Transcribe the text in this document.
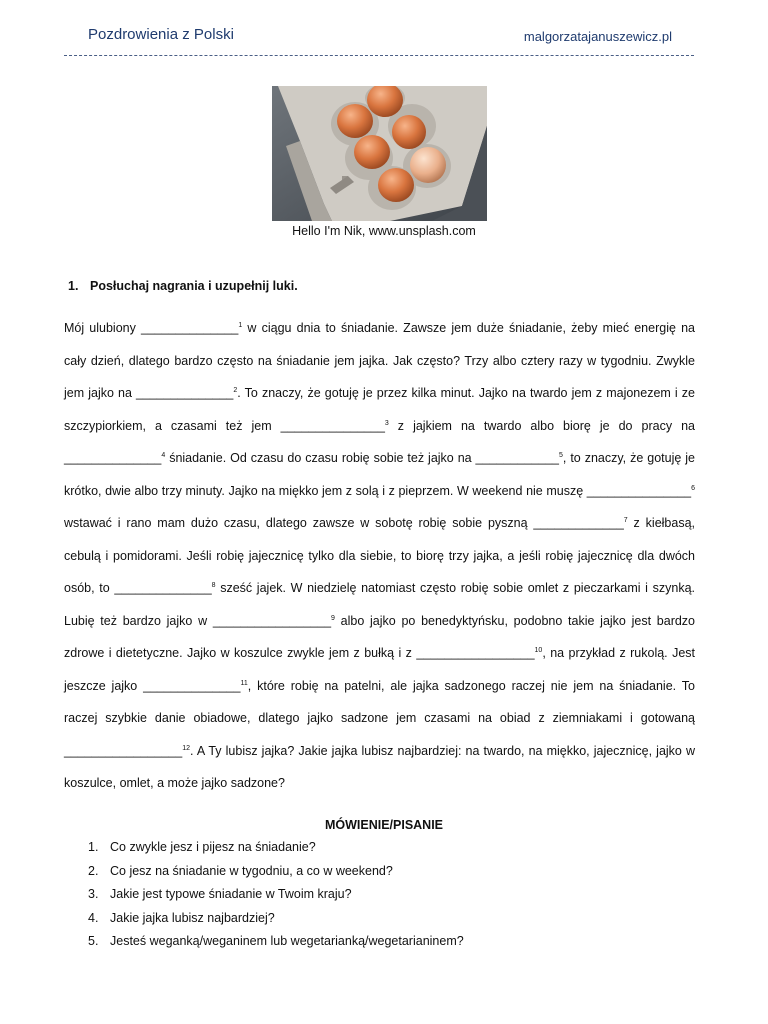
Pozdrowienia z Polski	malgorzatajanuszewicz.pl
Hello I'm Nik, www.unsplash.com
1. Posłuchaj nagrania i uzupełnij luki.
Mój ulubiony ______________$^1$ w ciągu dnia to śniadanie. Zawsze jem duże śniadanie, żeby mieć energię na cały dzień, dlatego bardzo często na śniadanie jem jajka. Jak często? Trzy albo cztery razy w tygodniu. Zwykle jem jajko na ______________$^2$. To znaczy, że gotuję je przez kilka minut. Jajko na twardo jem z majonezem i ze szczypiorkiem, a czasami też jem _______________$^3$ z jajkiem na twardo albo biorę je do pracy na ______________$^4$ śniadanie. Od czasu do czasu robię sobie też jajko na ____________$^5$, to znaczy, że gotuję je krótko, dwie albo trzy minuty. Jajko na miękko jem z solą i z pieprzem. W weekend nie muszę _______________$^6$ wstawać i rano mam dużo czasu, dlatego zawsze w sobotę robię sobie pyszną _____________$^7$ z kiełbasą, cebulą i pomidorami. Jeśli robię jajecznicę tylko dla siebie, to biorę trzy jajka, a jeśli robię jajecznicę dla dwóch osób, to ______________$^8$ sześć jajek. W niedzielę natomiast często robię sobie omlet z pieczarkami i szynką. Lubię też bardzo jajko w _________________$^9$ albo jajko po benedyktyńsku, podobno takie jajko jest bardzo zdrowe i dietetyczne. Jajko w koszulce zwykle jem z bułką i z _________________$^{10}$, na przykład z rukolą. Jest jeszcze jajko ______________$^{11}$, które robię na patelni, ale jajka sadzonego raczej nie jem na śniadanie. To raczej szybkie danie obiadowe, dlatego jajko sadzone jem czasami na obiad z ziemniakami i gotowaną _________________$^{12}$. A Ty lubisz jajka? Jakie jajka lubisz najbardziej: na twardo, na miękko, jajecznicę, jajko w koszulce, omlet, a może jajko sadzone?
MÓWIENIE/PISANIE
1. Co zwykle jesz i pijesz na śniadanie?
2. Co jesz na śniadanie w tygodniu, a co w weekend?
3. Jakie jest typowe śniadanie w Twoim kraju?
4. Jakie jajka lubisz najbardziej?
5. Jesteś weganką/weganinem lub wegetarianką/wegetarianinem?
